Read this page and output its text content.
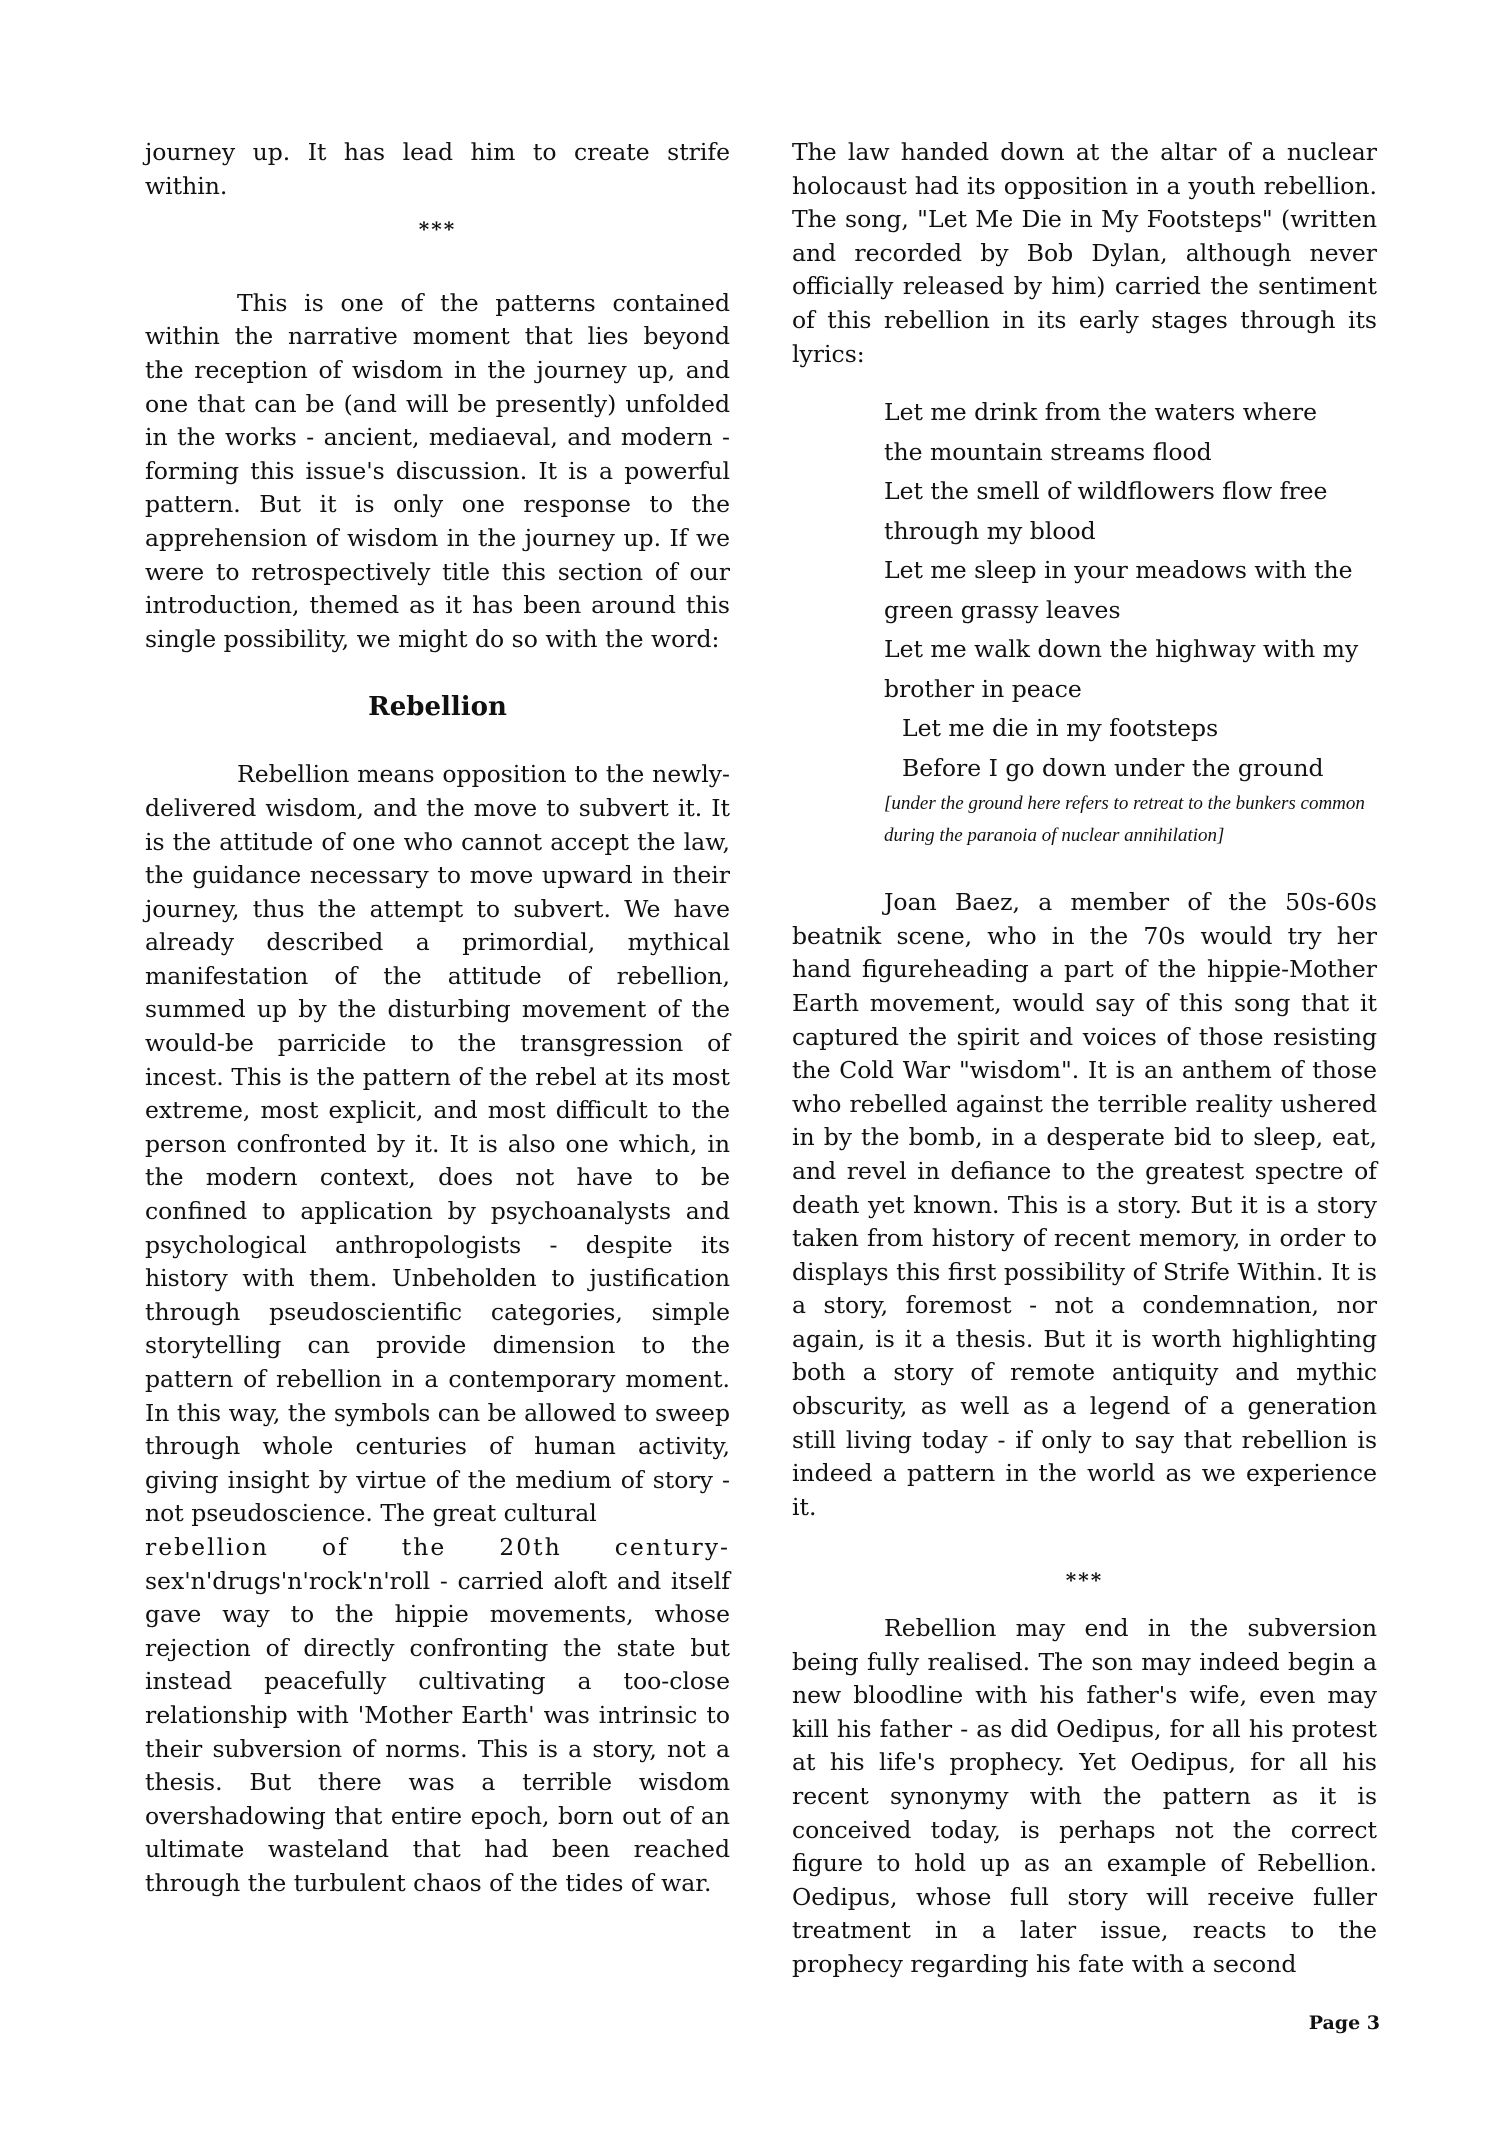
journey up. It has lead him to create strife within.

***

This is one of the patterns contained within the narrative moment that lies beyond the reception of wisdom in the journey up, and one that can be (and will be presently) unfolded in the works - ancient, mediaeval, and modern - forming this issue's discussion. It is a powerful pattern. But it is only one response to the apprehension of wisdom in the journey up. If we were to retrospectively title this section of our introduction, themed as it has been around this single possibility, we might do so with the word:

Rebellion

Rebellion means opposition to the newly-delivered wisdom, and the move to subvert it. It is the attitude of one who cannot accept the law, the guidance necessary to move upward in their journey, thus the attempt to subvert. We have already described a primordial, mythical manifestation of the attitude of rebellion, summed up by the disturbing movement of the would-be parricide to the transgression of incest. This is the pattern of the rebel at its most extreme, most explicit, and most difficult to the person confronted by it. It is also one which, in the modern context, does not have to be confined to application by psychoanalysts and psychological anthropologists - despite its history with them. Unbeholden to justification through pseudoscientific categories, simple storytelling can provide dimension to the pattern of rebellion in a contemporary moment. In this way, the symbols can be allowed to sweep through whole centuries of human activity, giving insight by virtue of the medium of story - not pseudoscience. The great cultural

rebellion of the 20th century-

sex'n'drugs'n'rock'n'roll - carried aloft and itself gave way to the hippie movements, whose rejection of directly confronting the state but instead peacefully cultivating a too-close relationship with 'Mother Earth' was intrinsic to their subversion of norms. This is a story, not a thesis. But there was a terrible wisdom overshadowing that entire epoch, born out of an ultimate wasteland that had been reached through the turbulent chaos of the tides of war.

The law handed down at the altar of a nuclear holocaust had its opposition in a youth rebellion. The song, "Let Me Die in My Footsteps" (written and recorded by Bob Dylan, although never officially released by him) carried the sentiment of this rebellion in its early stages through its lyrics:

Let me drink from the waters where
the mountain streams flood
Let the smell of wildflowers flow free
through my blood
Let me sleep in your meadows with the
green grassy leaves
Let me walk down the highway with my
brother in peace
Let me die in my footsteps
Before I go down under the ground
[under the ground here refers to retreat to the bunkers common during the paranoia of nuclear annihilation]

Joan Baez, a member of the 50s-60s beatnik scene, who in the 70s would try her hand figureheading a part of the hippie-Mother Earth movement, would say of this song that it captured the spirit and voices of those resisting the Cold War "wisdom". It is an anthem of those who rebelled against the terrible reality ushered in by the bomb, in a desperate bid to sleep, eat, and revel in defiance to the greatest spectre of death yet known. This is a story. But it is a story taken from history of recent memory, in order to displays this first possibility of Strife Within. It is a story, foremost - not a condemnation, nor again, is it a thesis. But it is worth highlighting both a story of remote antiquity and mythic obscurity, as well as a legend of a generation still living today - if only to say that rebellion is indeed a pattern in the world as we experience it.

***

Rebellion may end in the subversion being fully realised. The son may indeed begin a new bloodline with his father's wife, even may kill his father - as did Oedipus, for all his protest at his life's prophecy. Yet Oedipus, for all his recent synonymy with the pattern as it is conceived today, is perhaps not the correct figure to hold up as an example of Rebellion. Oedipus, whose full story will receive fuller treatment in a later issue, reacts to the prophecy regarding his fate with a second

Page 3
